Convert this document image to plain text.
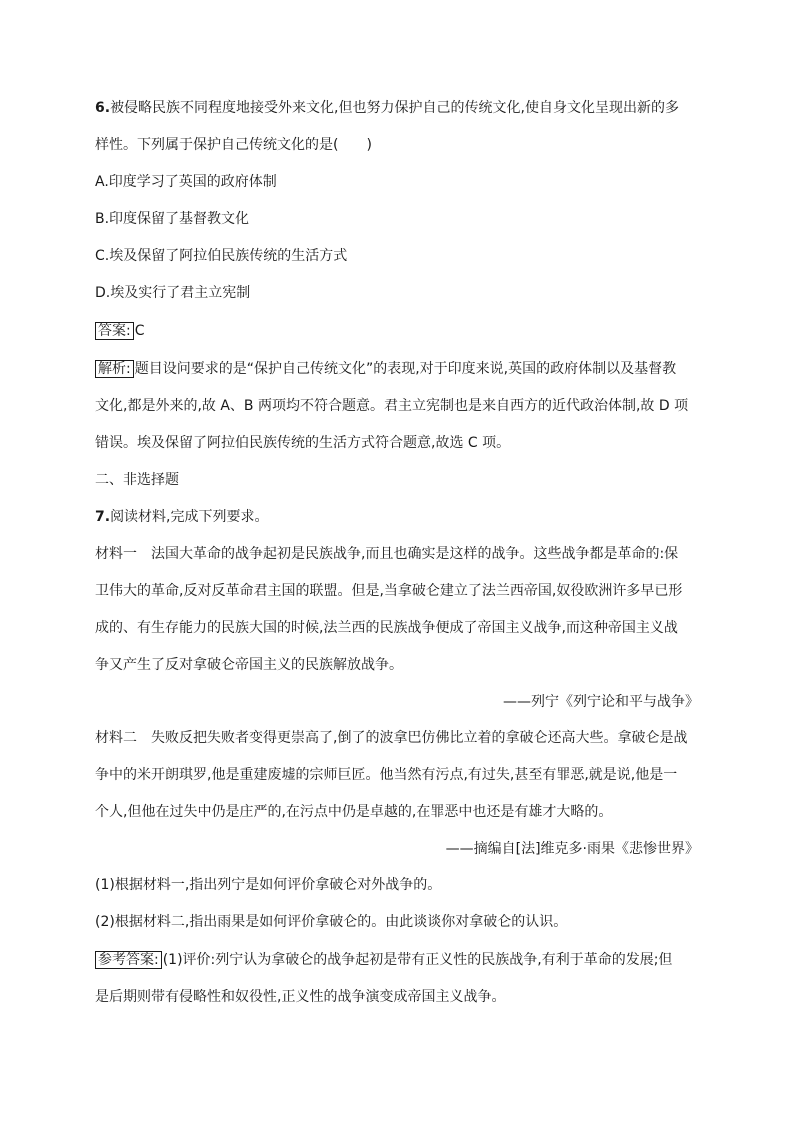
6.被侵略民族不同程度地接受外来文化,但也努力保护自己的传统文化,使自身文化呈现出新的多

样性。下列属于保护自己传统文化的是(　　)

A.印度学习了英国的政府体制

B.印度保留了基督教文化

C.埃及保留了阿拉伯民族传统的生活方式

D.埃及实行了君主立宪制

答案: C

解析: 题目设问要求的是“保护自己传统文化”的表现,对于印度来说,英国的政府体制以及基督教

文化,都是外来的,故 A、B 两项均不符合题意。君主立宪制也是来自西方的近代政治体制,故 D 项

错误。埃及保留了阿拉伯民族传统的生活方式符合题意,故选 C 项。

二、非选择题

7.阅读材料,完成下列要求。

材料一　法国大革命的战争起初是民族战争,而且也确实是这样的战争。这些战争都是革命的:保

卫伟大的革命,反对反革命君主国的联盟。但是,当拿破仑建立了法兰西帝国,奴役欧洲许多早已形

成的、有生存能力的民族大国的时候,法兰西的民族战争便成了帝国主义战争,而这种帝国主义战

争又产生了反对拿破仑帝国主义的民族解放战争。

——列宁《列宁论和平与战争》

材料二　失败反把失败者变得更崇高了,倒了的波拿巴仿佛比立着的拿破仑还高大些。拿破仑是战

争中的米开朗琪罗,他是重建废墟的宗师巨匠。他当然有污点,有过失,甚至有罪恶,就是说,他是一

个人,但他在过失中仍是庄严的,在污点中仍是卓越的,在罪恶中也还是有雄才大略的。

——摘编自[法]维克多·雨果《悲惨世界》

(1)根据材料一,指出列宁是如何评价拿破仑对外战争的。

(2)根据材料二,指出雨果是如何评价拿破仑的。由此谈谈你对拿破仑的认识。

参考答案: (1)评价:列宁认为拿破仑的战争起初是带有正义性的民族战争,有利于革命的发展;但

是后期则带有侵略性和奴役性,正义性的战争演变成帝国主义战争。
